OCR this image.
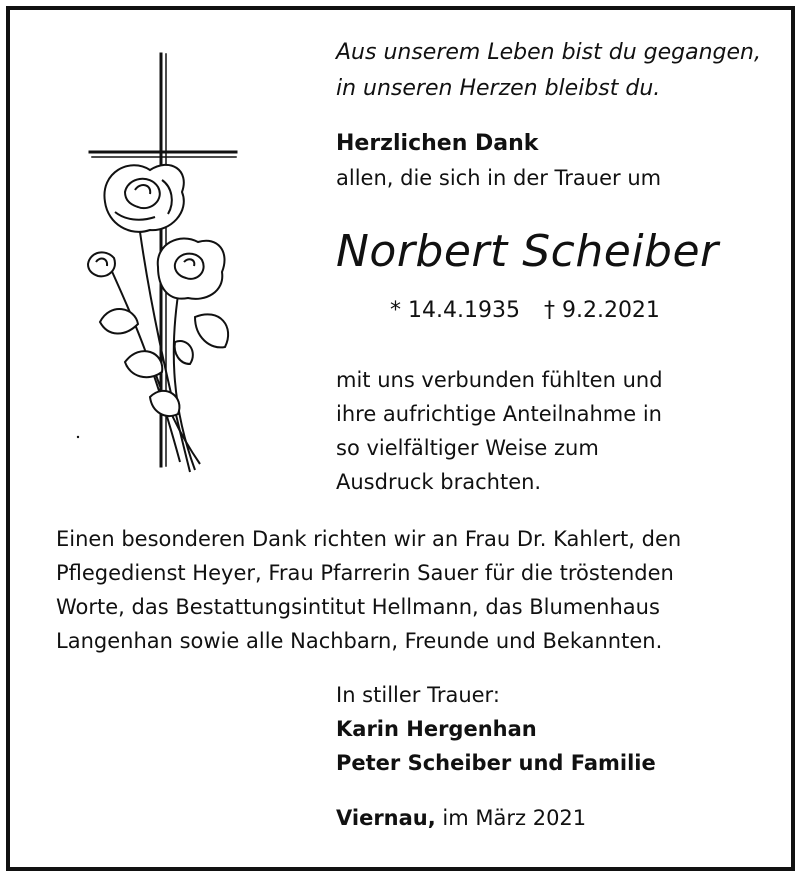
Aus unserem Leben bist du gegangen,
in unseren Herzen bleibst du.
Herzlichen Dank
allen, die sich in der Trauer um
Norbert Scheiber
* 14.4.1935 † 9.2.2021
mit uns verbunden fühlten und
ihre aufrichtige Anteilnahme in
so vielfältiger Weise zum
Ausdruck brachten.
Einen besonderen Dank richten wir an Frau Dr. Kahlert, den
Pflegedienst Heyer, Frau Pfarrerin Sauer für die tröstenden
Worte, das Bestattungsintitut Hellmann, das Blumenhaus
Langenhan sowie alle Nachbarn, Freunde und Bekannten.
In stiller Trauer:
Karin Hergenhan
Peter Scheiber und Familie
Viernau, im März 2021
